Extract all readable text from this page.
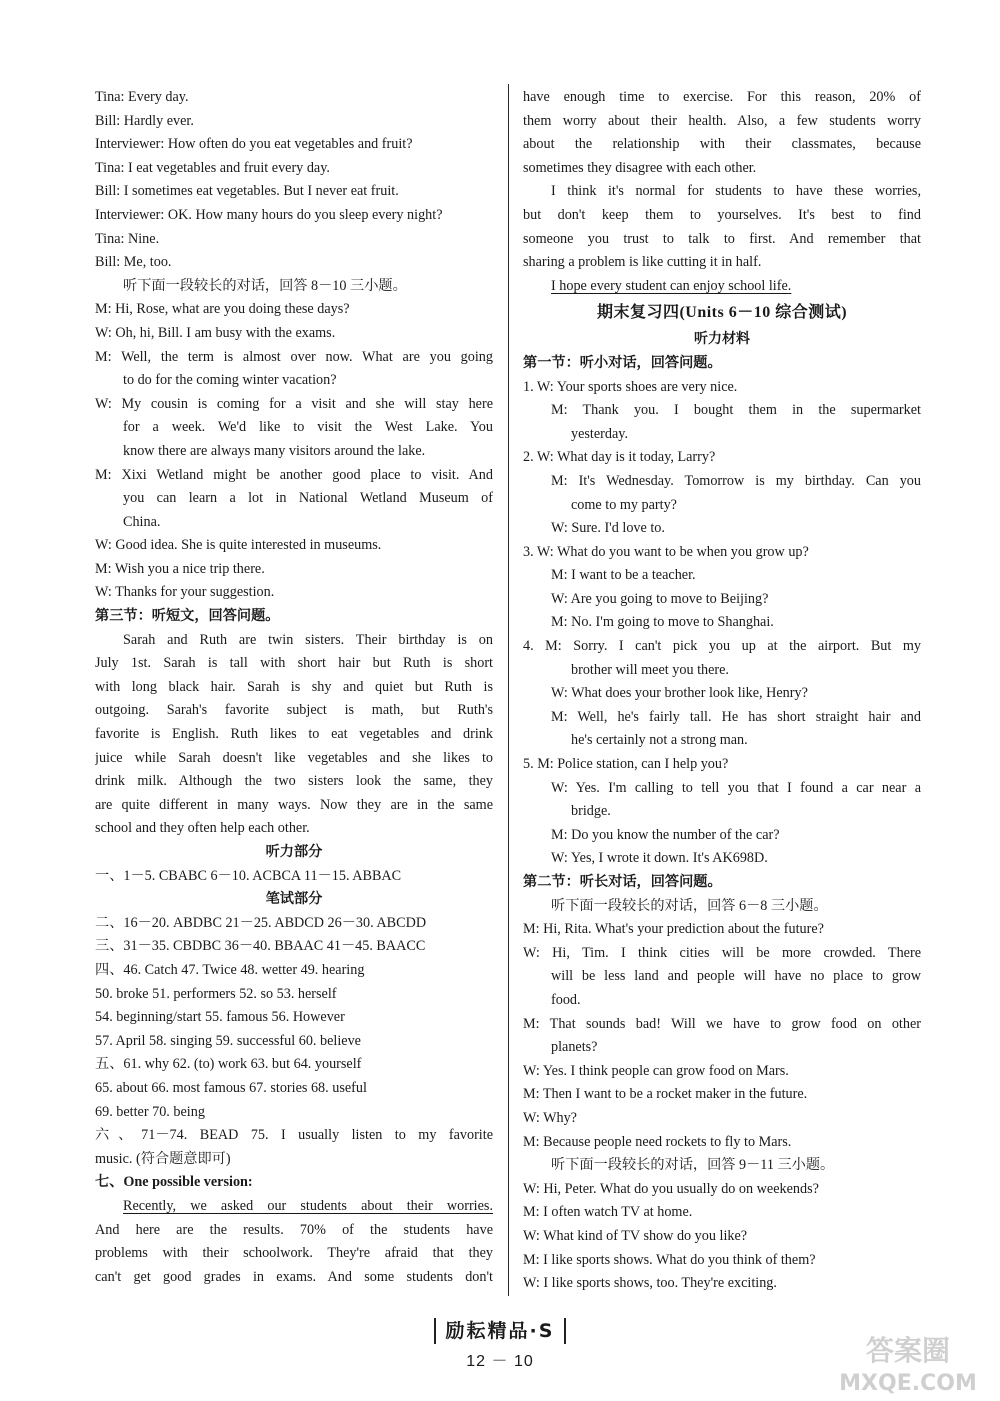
Tina: Every day.
Bill: Hardly ever.
Interviewer: How often do you eat vegetables and fruit?
Tina: I eat vegetables and fruit every day.
Bill: I sometimes eat vegetables. But I never eat fruit.
Interviewer: OK. How many hours do you sleep every night?
Tina: Nine.
Bill: Me, too.
听下面一段较长的对话，回答 8－10 三小题。
M: Hi, Rose, what are you doing these days?
W: Oh, hi, Bill. I am busy with the exams.
M: Well, the term is almost over now. What are you going
to do for the coming winter vacation?
W: My cousin is coming for a visit and she will stay here
for a week. We'd like to visit the West Lake. You
know there are always many visitors around the lake.
M: Xixi Wetland might be another good place to visit. And
you can learn a lot in National Wetland Museum of
China.
W: Good idea. She is quite interested in museums.
M: Wish you a nice trip there.
W: Thanks for your suggestion.
第三节：听短文，回答问题。
Sarah and Ruth are twin sisters. Their birthday is on
July 1st. Sarah is tall with short hair but Ruth is short
with long black hair. Sarah is shy and quiet but Ruth is
outgoing. Sarah's favorite subject is math, but Ruth's
favorite is English. Ruth likes to eat vegetables and drink
juice while Sarah doesn't like vegetables and she likes to
drink milk. Although the two sisters look the same, they
are quite different in many ways. Now they are in the same
school and they often help each other.
听力部分
一、1－5. CBABC 6－10. ACBCA 11－15. ABBAC
笔试部分
二、16－20. ABDBC 21－25. ABDCD 26－30. ABCDD
三、31－35. CBDBC 36－40. BBAAC 41－45. BAACC
四、46. Catch 47. Twice 48. wetter 49. hearing
50. broke 51. performers 52. so 53. herself
54. beginning/start 55. famous 56. However
57. April 58. singing 59. successful 60. believe
五、61. why 62. (to) work 63. but 64. yourself
65. about 66. most famous 67. stories 68. useful
69. better 70. being
六、71－74. BEAD 75. I usually listen to my favorite
music. (符合题意即可)
七、One possible version:
Recently, we asked our students about their worries.
And here are the results. 70% of the students have
problems with their schoolwork. They're afraid that they
can't get good grades in exams. And some students don't
have enough time to exercise. For this reason, 20% of
them worry about their health. Also, a few students worry
about the relationship with their classmates, because
sometimes they disagree with each other.
I think it's normal for students to have these worries,
but don't keep them to yourselves. It's best to find
someone you trust to talk to first. And remember that
sharing a problem is like cutting it in half.
I hope every student can enjoy school life.
期末复习四(Units 6－10 综合测试)
听力材料
第一节：听小对话，回答问题。
1. W: Your sports shoes are very nice.
M: Thank you. I bought them in the supermarket
yesterday.
2. W: What day is it today, Larry?
M: It's Wednesday. Tomorrow is my birthday. Can you
come to my party?
W: Sure. I'd love to.
3. W: What do you want to be when you grow up?
M: I want to be a teacher.
W: Are you going to move to Beijing?
M: No. I'm going to move to Shanghai.
4. M: Sorry. I can't pick you up at the airport. But my
brother will meet you there.
W: What does your brother look like, Henry?
M: Well, he's fairly tall. He has short straight hair and
he's certainly not a strong man.
5. M: Police station, can I help you?
W: Yes. I'm calling to tell you that I found a car near a
bridge.
M: Do you know the number of the car?
W: Yes, I wrote it down. It's AK698D.
第二节：听长对话，回答问题。
听下面一段较长的对话，回答 6－8 三小题。
M: Hi, Rita. What's your prediction about the future?
W: Hi, Tim. I think cities will be more crowded. There
will be less land and people will have no place to grow
food.
M: That sounds bad! Will we have to grow food on other
planets?
W: Yes. I think people can grow food on Mars.
M: Then I want to be a rocket maker in the future.
W: Why?
M: Because people need rockets to fly to Mars.
听下面一段较长的对话，回答 9－11 三小题。
W: Hi, Peter. What do you usually do on weekends?
M: I often watch TV at home.
W: What kind of TV show do you like?
M: I like sports shows. What do you think of them?
W: I like sports shows, too. They're exciting.
励耘精品·S
12 － 10	答案圈
MXQE.COM
